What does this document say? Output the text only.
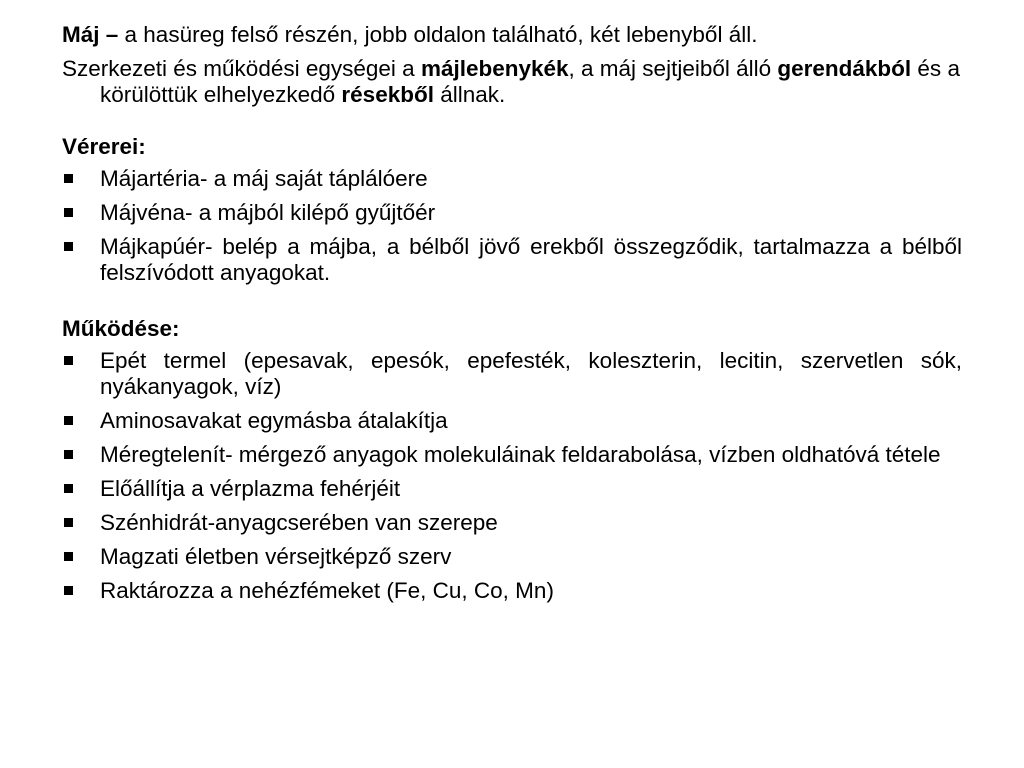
Máj – a hasüreg felső részén, jobb oldalon található, két lebenyből áll.

Szerkezeti és működési egységei a májlebenykék, a máj sejtjeiből álló gerendákból és a körülöttük elhelyezkedő résekből állnak.

Vérerei:

Májartéria- a máj saját táplálóere
Májvéna- a májból kilépő gyűjtőér
Májkapúér- belép a májba, a bélből jövő erekből összegződik, tartalmazza a bélből felszívódott anyagokat.

Működése:

Epét termel (epesavak, epesók, epefesték, koleszterin, lecitin, szervetlen sók, nyákanyagok, víz)
Aminosavakat egymásba átalakítja
Méregtelenít- mérgező anyagok molekuláinak feldarabolása, vízben oldhatóvá tétele
Előállítja a vérplazma fehérjéit
Szénhidrát-anyagcserében van szerepe
Magzati életben vérsejtképző szerv
Raktározza a nehézfémeket (Fe, Cu, Co, Mn)
